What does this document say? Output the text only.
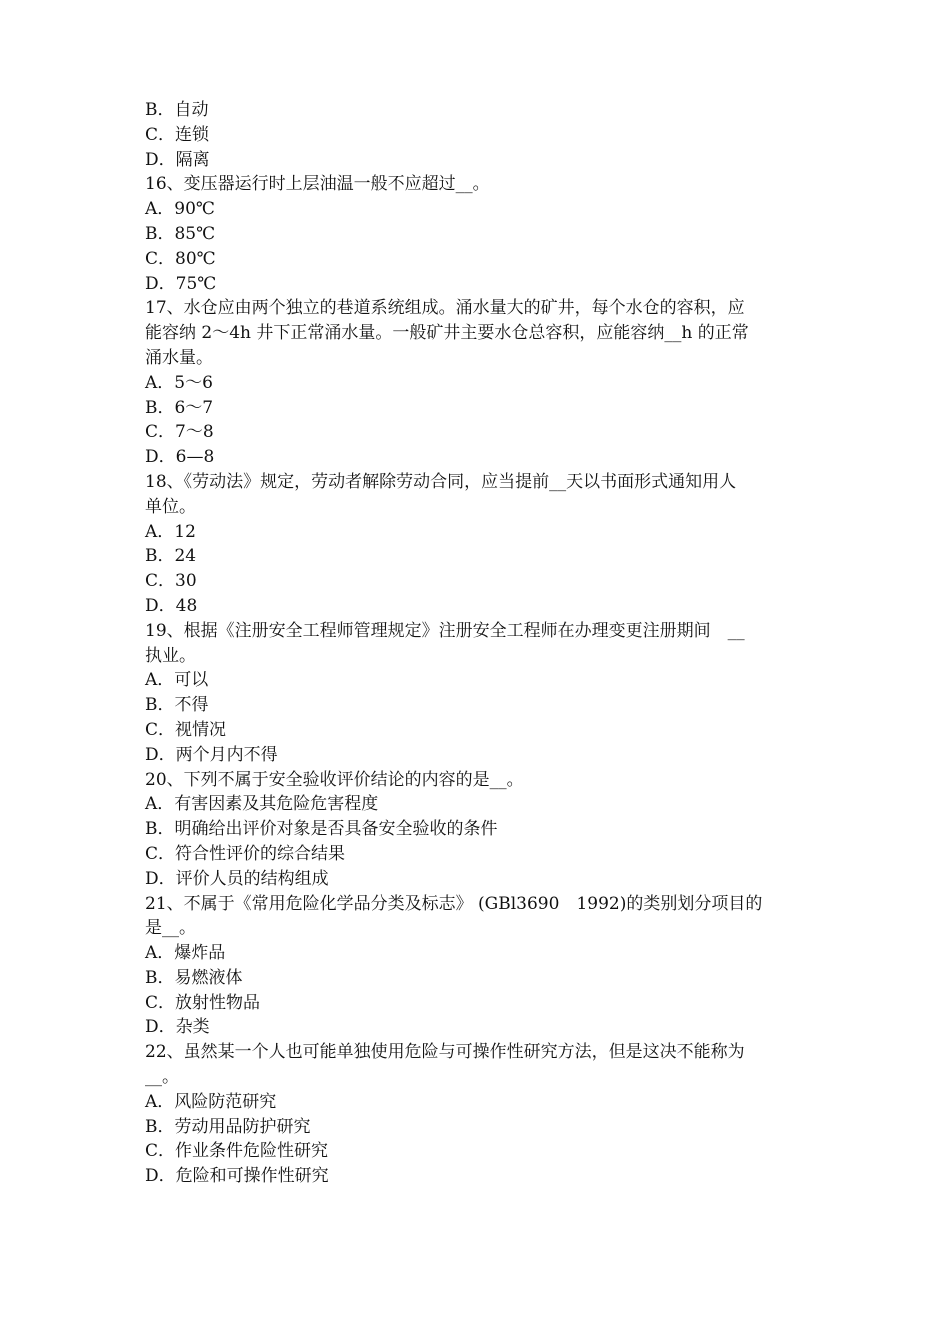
B．自动
C．连锁
D．隔离
16、变压器运行时上层油温一般不应超过__。
A．90℃
B．85℃
C．80℃
D．75℃
17、水仓应由两个独立的巷道系统组成。涌水量大的矿井，每个水仓的容积，应
能容纳 2～4h 井下正常涌水量。一般矿井主要水仓总容积，应能容纳__h 的正常
涌水量。
A．5～6
B．6～7
C．7～8
D．6—8
18、《劳动法》规定，劳动者解除劳动合同，应当提前__天以书面形式通知用人
单位。
A．12
B．24
C．30
D．48
19、根据《注册安全工程师管理规定》注册安全工程师在办理变更注册期间　__
执业。
A．可以
B．不得
C．视情况
D．两个月内不得
20、下列不属于安全验收评价结论的内容的是__。
A．有害因素及其危险危害程度
B．明确给出评价对象是否具备安全验收的条件
C．符合性评价的综合结果
D．评价人员的结构组成
21、不属于《常用危险化学品分类及标志》 (GBl3690　1992)的类别划分项目的
是__。
A．爆炸品
B．易燃液体
C．放射性物品
D．杂类
22、虽然某一个人也可能单独使用危险与可操作性研究方法，但是这决不能称为
__。
A．风险防范研究
B．劳动用品防护研究
C．作业条件危险性研究
D．危险和可操作性研究
